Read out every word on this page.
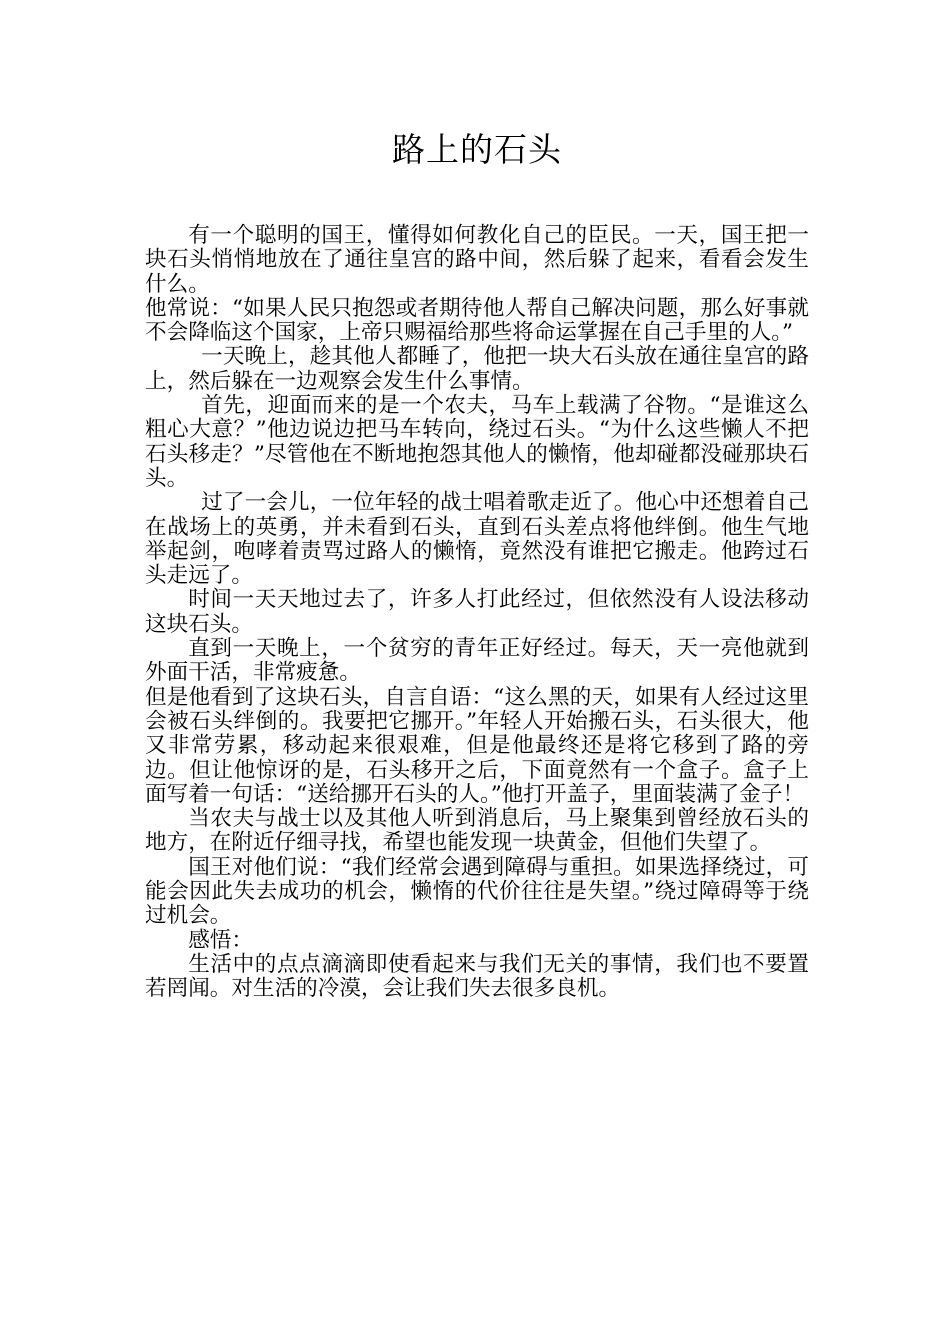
路上的石头

有一个聪明的国王，懂得如何教化自己的臣民。一天，国王把一块石头悄悄地放在了通往皇宫的路中间，然后躲了起来，看看会发生什么。

他常说：“如果人民只抱怨或者期待他人帮自己解决问题，那么好事就不会降临这个国家，上帝只赐福给那些将命运掌握在自己手里的人。”

一天晚上，趁其他人都睡了，他把一块大石头放在通往皇宫的路上，然后躲在一边观察会发生什么事情。

首先，迎面而来的是一个农夫，马车上载满了谷物。“是谁这么粗心大意？”他边说边把马车转向，绕过石头。“为什么这些懒人不把石头移走？”尽管他在不断地抱怨其他人的懒惰，他却碰都没碰那块石头。

过了一会儿，一位年轻的战士唱着歌走近了。他心中还想着自己在战场上的英勇，并未看到石头，直到石头差点将他绊倒。他生气地举起剑，咆哮着责骂过路人的懒惰，竟然没有谁把它搬走。他跨过石头走远了。

时间一天天地过去了，许多人打此经过，但依然没有人设法移动这块石头。

直到一天晚上，一个贫穷的青年正好经过。每天，天一亮他就到外面干活，非常疲惫。

但是他看到了这块石头，自言自语：“这么黑的天，如果有人经过这里会被石头绊倒的。我要把它挪开。”年轻人开始搬石头，石头很大，他又非常劳累，移动起来很艰难，但是他最终还是将它移到了路的旁边。但让他惊讶的是，石头移开之后，下面竟然有一个盒子。盒子上面写着一句话：“送给挪开石头的人。”他打开盖子，里面装满了金子！

当农夫与战士以及其他人听到消息后，马上聚集到曾经放石头的地方，在附近仔细寻找，希望也能发现一块黄金，但他们失望了。

国王对他们说：“我们经常会遇到障碍与重担。如果选择绕过，可能会因此失去成功的机会，懒惰的代价往往是失望。”绕过障碍等于绕过机会。

感悟：

生活中的点点滴滴即使看起来与我们无关的事情，我们也不要置若罔闻。对生活的冷漠，会让我们失去很多良机。
